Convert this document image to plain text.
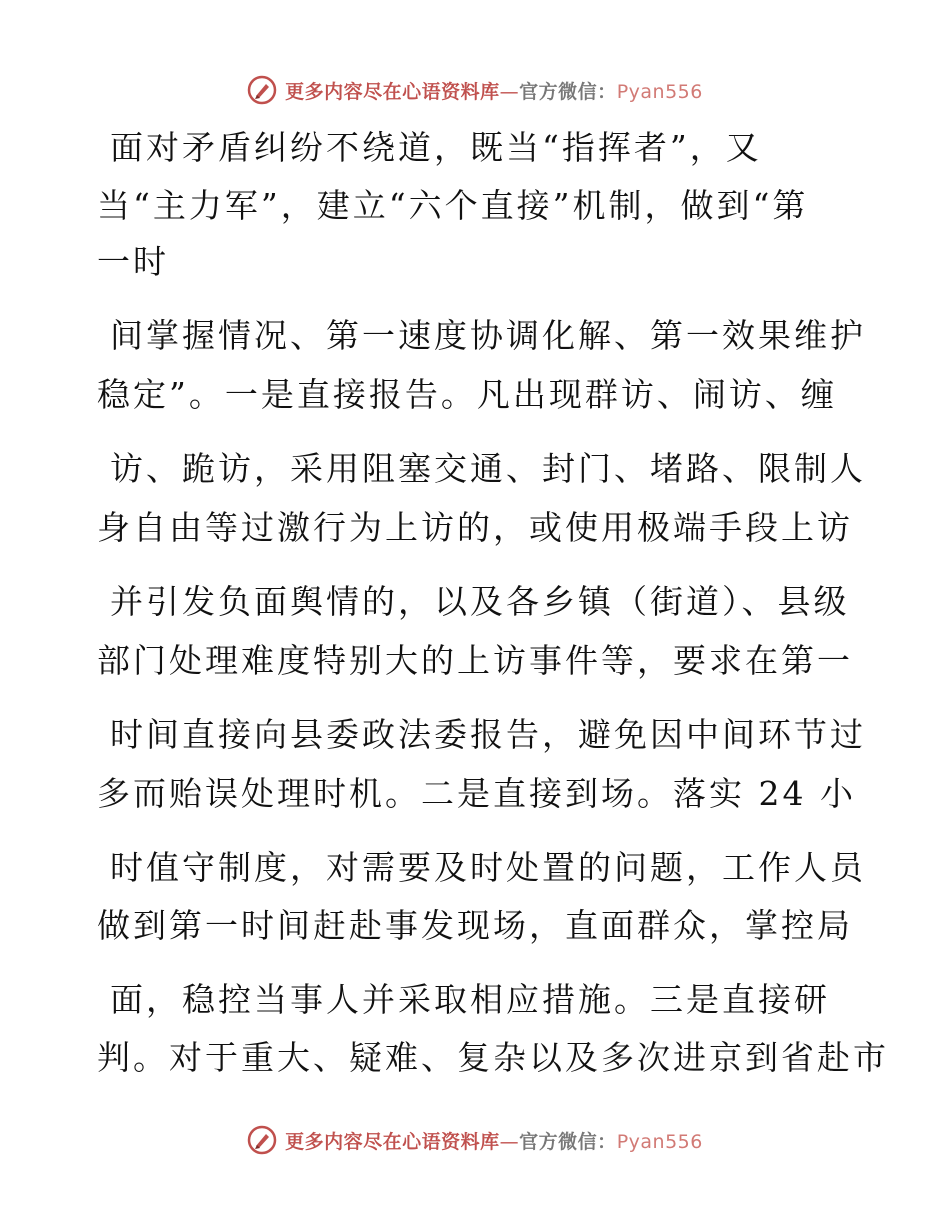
更多内容尽在心语资料库—官方微信：Pyan556
面对矛盾纠纷不绕道，既当“指挥者”，又
当“主力军”，建立“六个直接”机制，做到“第
一时
间掌握情况、第一速度协调化解、第一效果维护
稳定”。一是直接报告。凡出现群访、闹访、缠
访、跪访，采用阻塞交通、封门、堵路、限制人
身自由等过激行为上访的，或使用极端手段上访
并引发负面舆情的，以及各乡镇（街道）、县级
部门处理难度特别大的上访事件等，要求在第一
时间直接向县委政法委报告，避免因中间环节过
多而贻误处理时机。二是直接到场。落实 24 小
时值守制度，对需要及时处置的问题，工作人员
做到第一时间赶赴事发现场，直面群众，掌控局
面，稳控当事人并采取相应措施。三是直接研
判。对于重大、疑难、复杂以及多次进京到省赴市
更多内容尽在心语资料库—官方微信：Pyan556
